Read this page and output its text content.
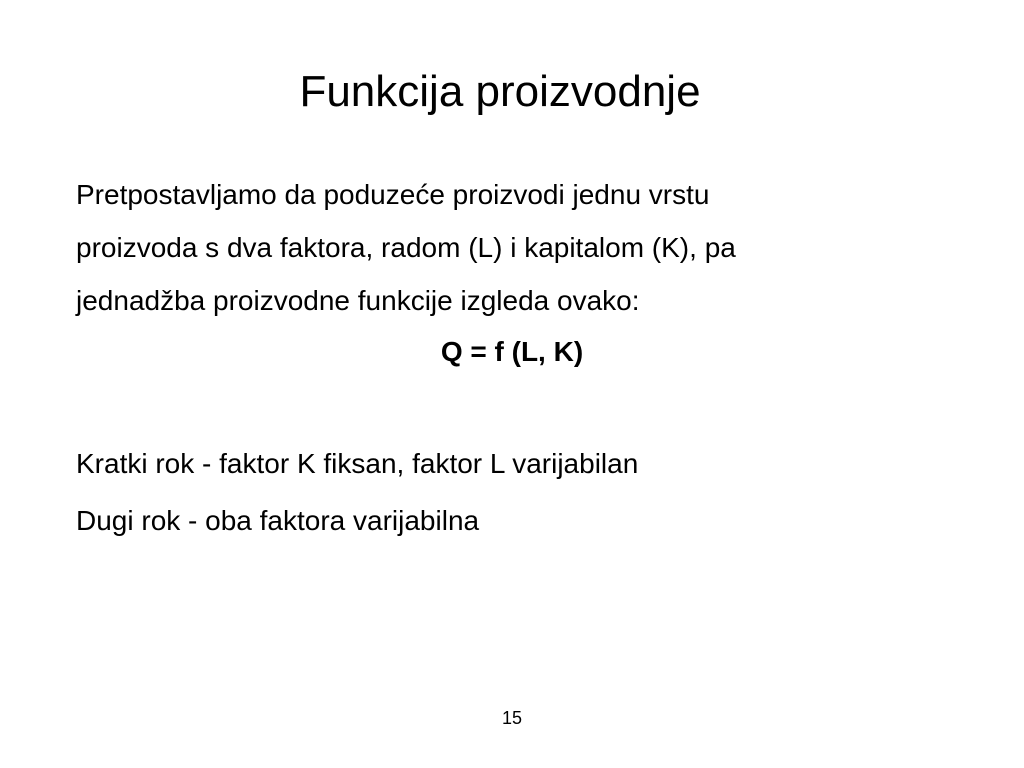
Funkcija proizvodnje
Pretpostavljamo da poduzeće proizvodi jednu vrstu
proizvoda s dva faktora, radom (L) i kapitalom (K), pa
jednadžba proizvodne funkcije izgleda ovako:

Q = f (L, K)

Kratki rok - faktor K fiksan, faktor L varijabilan

Dugi rok - oba faktora varijabilna

15
